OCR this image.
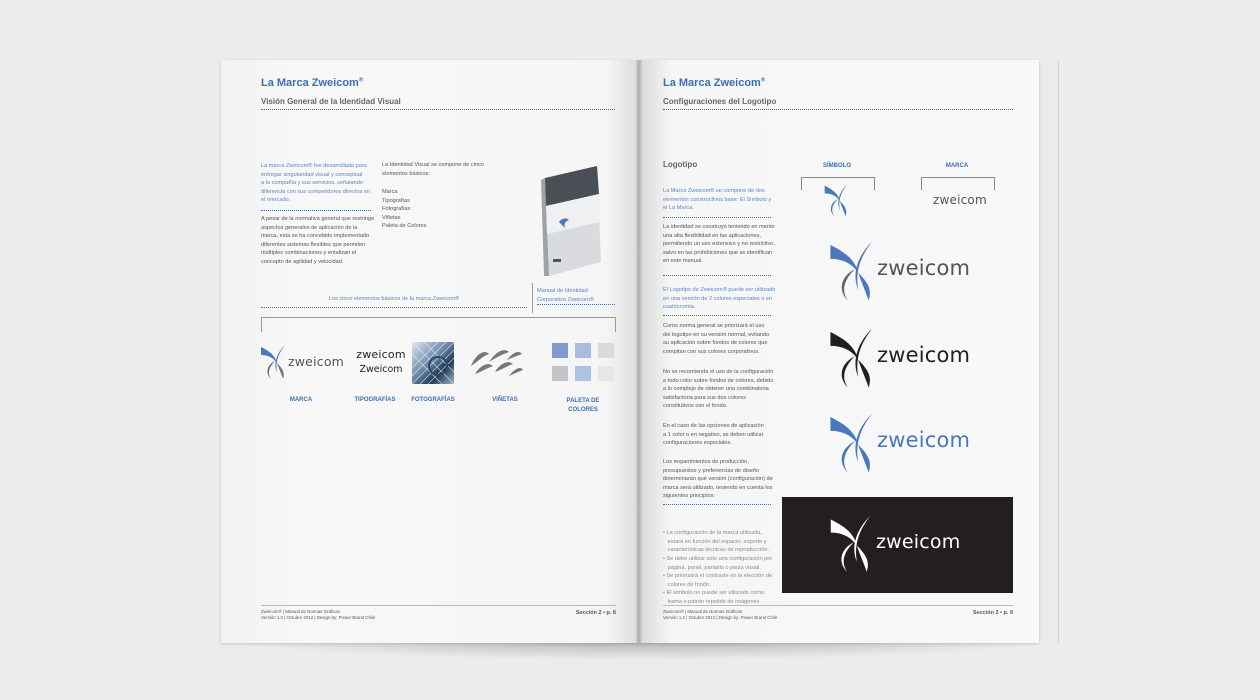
La Marca Zweicom®
Visión General de la Identidad Visual
La marca Zweicom® fue desarrollada para
entregar singularidad visual y conceptual
a la compañía y sus servicios, señalando
diferencia con sus competidores directos en
el mercado.
A pesar de la normativa general que restringe
aspectos generales de aplicación de la
marca, esta se ha concebido implementado
diferentes sistemas flexibles que permiten
múltiples combinaciones y entalizan el
concepto de agilidad y velocidad.
La Identidad Visual se compone de cinco
elementos básicos:
Marca
Tipografías
Fotografías
Viñetas
Paleta de Colores
Manual de Identidad
Corporativa Zweicom®
Los cinco elementos básicos de la marca Zweicom®
zweicom	zweicom
Zweicom
MARCA	TIPOGRAFÍAS	FOTOGRAFÍAS	VIÑETAS	PALETA DE
COLORES
Zweicom® | Manual de Normas Gráficas
Versión 1.2 | Octubre 2012 | Design by: Power Brand Chile
Sección 2 • p. 8
La Marca Zweicom®
Configuraciones del Logotipo
Logotipo
La Marca Zweicom® se compone de dos
elementos constructivos base: El Símbolo y
el La Marca.
La identidad se construyó teniendo en mente
una alta flexibilidad en las aplicaciones,
permitiendo un uso extensivo y no restrictivo,
salvo en las prohibiciones que se identifican
en este manual.
El Logotipo de Zweicom® puede ser utilizado
en una versión de 2 colores especiales o en
cuatricromía.
Como norma general se priorizará el uso
del logotipo en su versión normal, evitando
su aplicación sobre fondos de colores que
compitan con sus colores corporativos.
No se recomienda el uso de la configuración
a todo color sobre fondos de colores, debido
a lo complejo de obtener una combinatoria
satisfactoria para sus dos colores
constitutivos con el fondo.
En el caso de las opciones de aplicación
a 1 color o en negativo, se deben utilizar
configuraciones especiales.
Los requerimientos de producción,
presupuestos y preferencias de diseño
determinarán qué versión (configuración) de
marca será utilizado, teniendo en cuenta los
siguientes principios:

• La configuración de la marca utilizada,
estará en función del espacio, soporte y
características técnicas de reproducción.
• Se debe utilizar sólo una configuración por
página, panel, pantalla o pieza visual.
• Se priorizará el contraste en la elección de
colores de fondo.
• El símbolo no puede ser utilizado como
trama o patrón repetido de imágenes.

SÍMBOLO	MARCA
zweicom
zweicom
zweicom
zweicom
zweicom
Zweicom® | Manual de Normas Gráficas
Versión 1.2 | Octubre 2012 | Design by: Power Brand Chile
Sección 2 • p. 9
